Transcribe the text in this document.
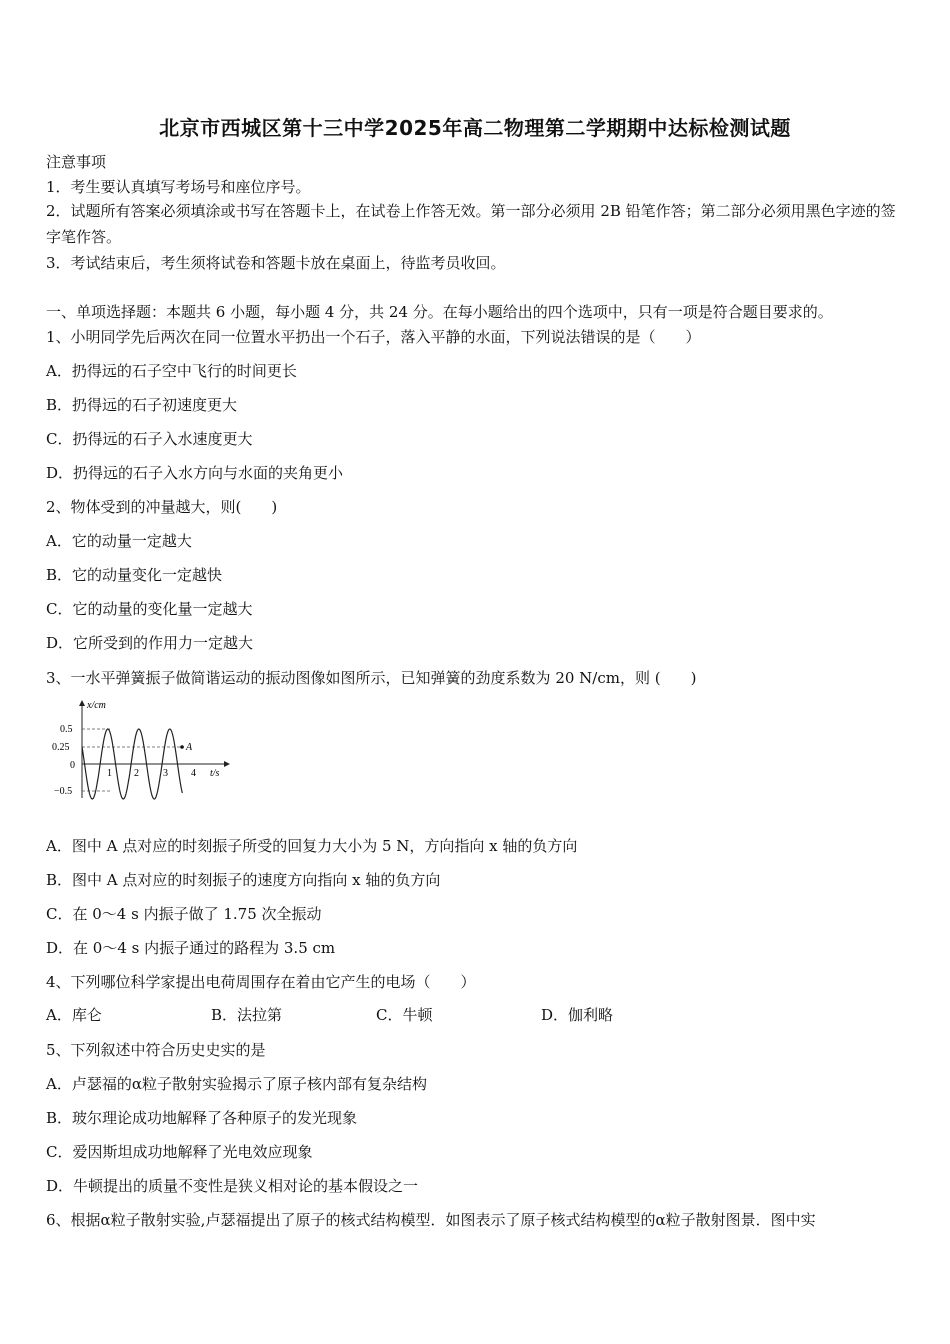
北京市西城区第十三中学2025年高二物理第二学期期中达标检测试题
注意事项
1．考生要认真填写考场号和座位序号。
2．试题所有答案必须填涂或书写在答题卡上，在试卷上作答无效。第一部分必须用 2B 铅笔作答；第二部分必须用黑色字迹的签字笔作答。
3．考试结束后，考生须将试卷和答题卡放在桌面上，待监考员收回。
一、单项选择题：本题共 6 小题，每小题 4 分，共 24 分。在每小题给出的四个选项中，只有一项是符合题目要求的。
1、小明同学先后两次在同一位置水平扔出一个石子，落入平静的水面，下列说法错误的是（　　）
A．扔得远的石子空中飞行的时间更长
B．扔得远的石子初速度更大
C．扔得远的石子入水速度更大
D．扔得远的石子入水方向与水面的夹角更小
2、物体受到的冲量越大，则(　　)
A．它的动量一定越大
B．它的动量变化一定越快
C．它的动量的变化量一定越大
D．它所受到的作用力一定越大
3、一水平弹簧振子做简谐运动的振动图像如图所示，已知弹簧的劲度系数为 20 N/cm，则 (　　)
x/cm
t/s
0.5
0.25
0
−0.5
1 2 3 4
A
A．图中 A 点对应的时刻振子所受的回复力大小为 5 N，方向指向 x 轴的负方向
B．图中 A 点对应的时刻振子的速度方向指向 x 轴的负方向
C．在 0～4 s 内振子做了 1.75 次全振动
D．在 0～4 s 内振子通过的路程为 3.5 cm
4、下列哪位科学家提出电荷周围存在着由它产生的电场（　　）
A．库仑	B．法拉第	C．牛顿	D．伽利略
5、下列叙述中符合历史史实的是
A．卢瑟福的α粒子散射实验揭示了原子核内部有复杂结构
B．玻尔理论成功地解释了各种原子的发光现象
C．爱因斯坦成功地解释了光电效应现象
D．牛顿提出的质量不变性是狭义相对论的基本假设之一
6、根据α粒子散射实验,卢瑟福提出了原子的核式结构模型．如图表示了原子核式结构模型的α粒子散射图景．图中实
